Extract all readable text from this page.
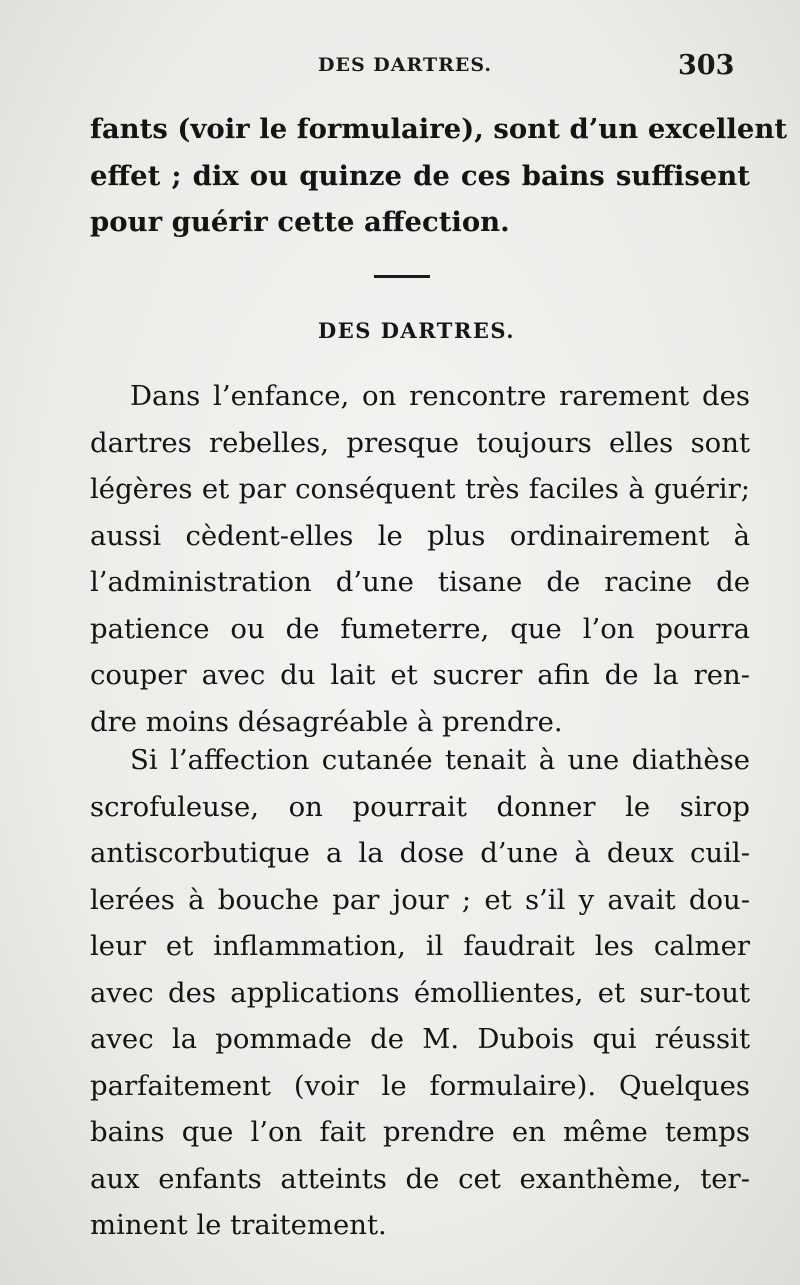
DES DARTRES.	303
fants (voir le formulaire), sont d’un excellent
effet ; dix ou quinze de ces bains suffisent
pour guérir cette affection.
DES DARTRES.
Dans l’enfance, on rencontre rarement des
dartres rebelles, presque toujours elles sont
légères et par conséquent très faciles à guérir;
aussi cèdent-elles le plus ordinairement à
l’administration d’une tisane de racine de
patience ou de fumeterre, que l’on pourra
couper avec du lait et sucrer afin de la ren-
dre moins désagréable à prendre.
Si l’affection cutanée tenait à une diathèse
scrofuleuse, on pourrait donner le sirop
antiscorbutique a la dose d’une à deux cuil-
lerées à bouche par jour ; et s’il y avait dou-
leur et inflammation, il faudrait les calmer
avec des applications émollientes, et sur-tout
avec la pommade de M. Dubois qui réussit
parfaitement (voir le formulaire). Quelques
bains que l’on fait prendre en même temps
aux enfants atteints de cet exanthème, ter-
minent le traitement.
